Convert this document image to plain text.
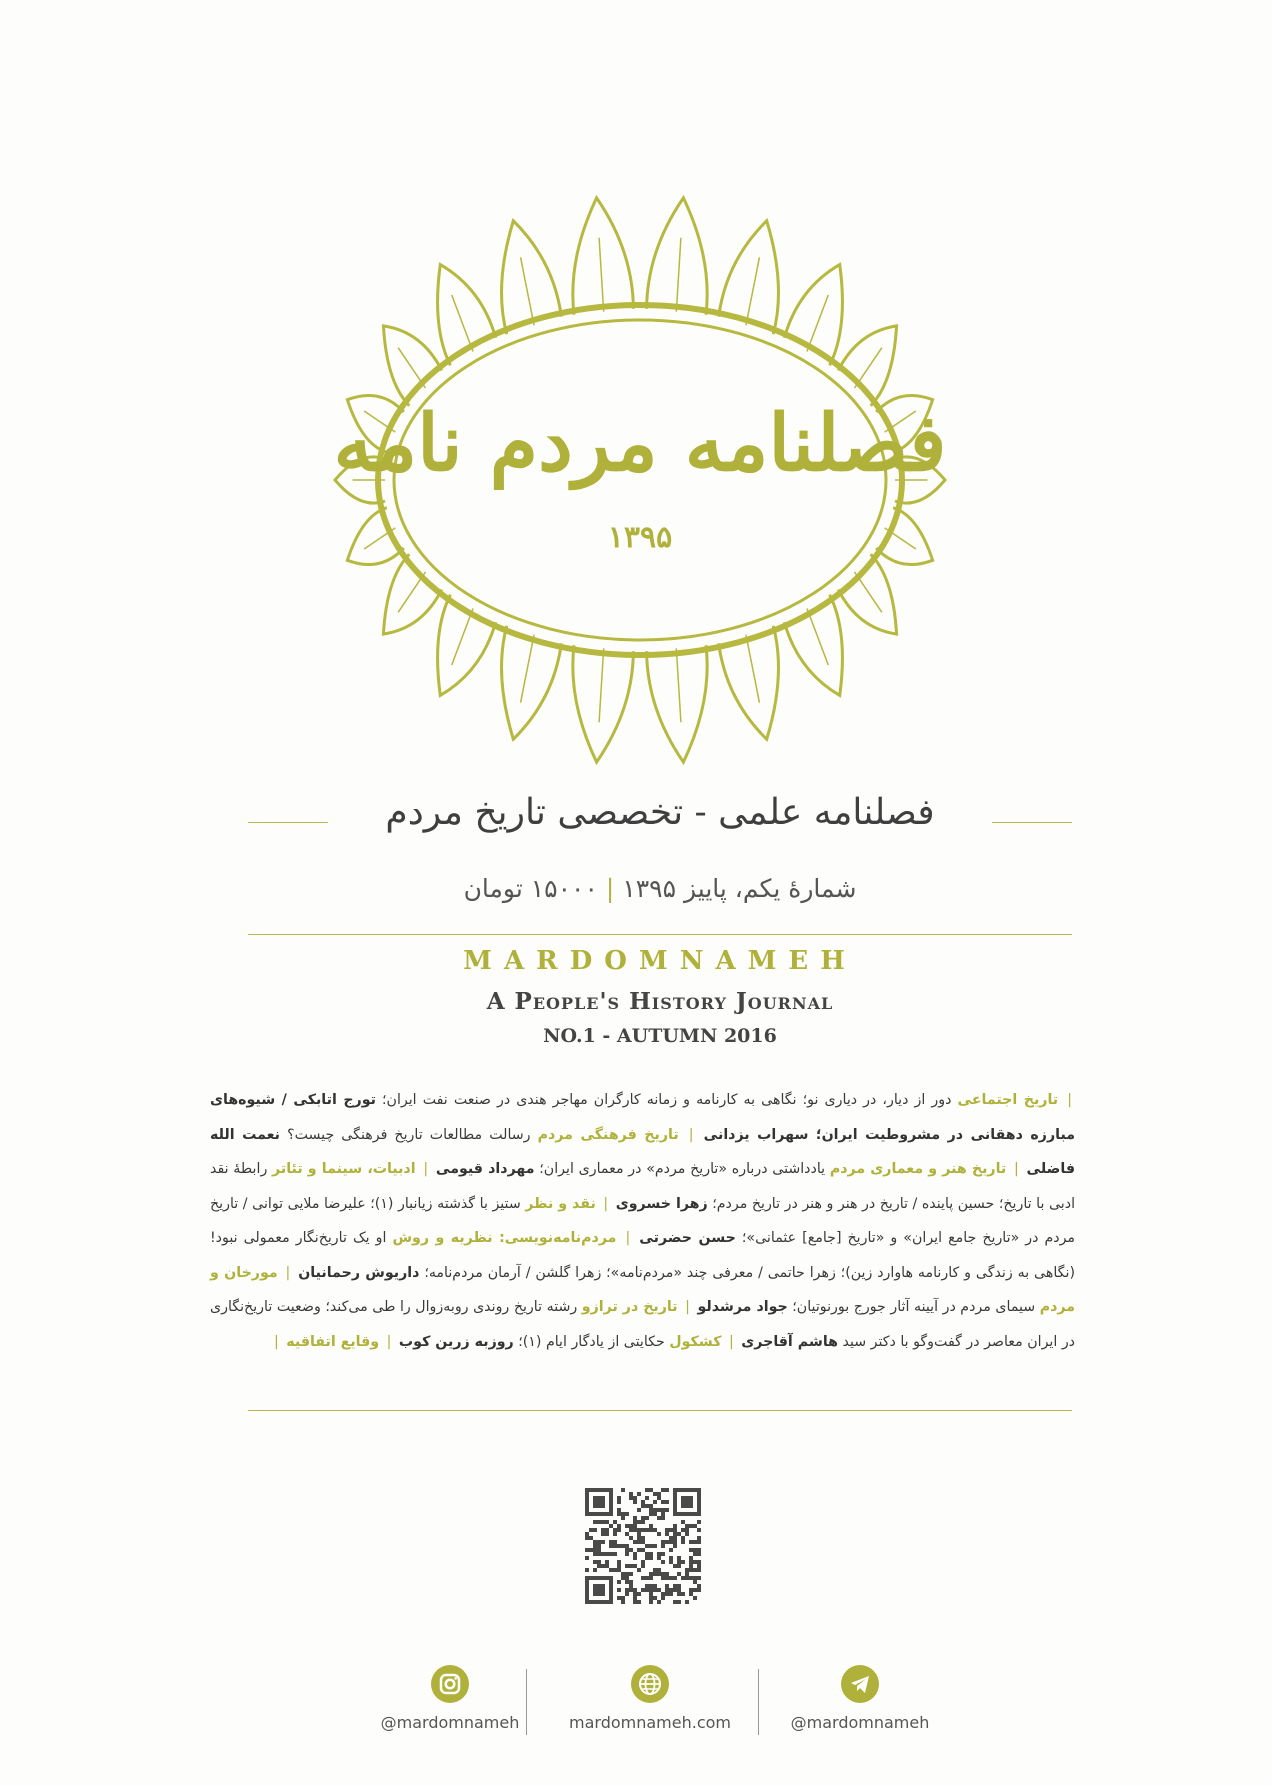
فصلنامه مردم نامه
۱۳۹۵
فصلنامه علمی - تخصصی تاریخ مردم
شمارهٔ یکم، پاییز ۱۳۹۵|۱۵۰۰۰ تومان
MARDOMNAMEH
A People's History Journal
NO.1 - AUTUMN 2016
| تاریخ اجتماعی دور از دیار، در دیاری نو؛ نگاهی به کارنامه و زمانه کارگران مهاجر هندی در صنعت نفت ایران؛ تورج اتابکی / شیوه‌های مبارزه دهقانی در مشروطیت ایران؛ سهراب یزدانی | تاریخ فرهنگی مردم رسالت مطالعات تاریخ فرهنگی چیست؟ نعمت الله فاضلی | تاریخ هنر و معماری مردم یادداشتی درباره «تاریخ مردم» در معماری ایران؛ مهرداد قیومی | ادبیات، سینما و تئاتر رابطهٔ نقد ادبی با تاریخ؛ حسین پاینده / تاریخ در هنر و هنر در تاریخ مردم؛ زهرا خسروی | نقد و نظر ستیز با گذشته زیانبار (۱)؛ علیرضا ملایی توانی / تاریخ مردم در «تاریخ جامع ایران» و «تاریخ [جامع] عثمانی»؛ حسن حضرتی | مردم‌نامه‌نویسی: نظریه و روش او یک تاریخ‌نگار معمولی نبود! (نگاهی به زندگی و کارنامه هاوارد زین)؛ زهرا حاتمی / معرفی چند «مردم‌نامه»؛ زهرا گلشن / آرمان مردم‌نامه؛ داریوش رحمانیان | مورخان و مردم سیمای مردم در آیینه آثار جورج بورنوتیان؛ جواد مرشدلو | تاریخ در ترازو رشته تاریخ روندی روبه‌زوال را طی می‌کند؛ وضعیت تاریخ‌نگاری در ایران معاصر در گفت‌وگو با دکتر سید هاشم آقاجری | کشکول حکایتی از یادگار ایام (۱)؛ روزبه زرین کوب | وقایع اتفاقیه |
@mardomnameh	mardomnameh.com	@mardomnameh
